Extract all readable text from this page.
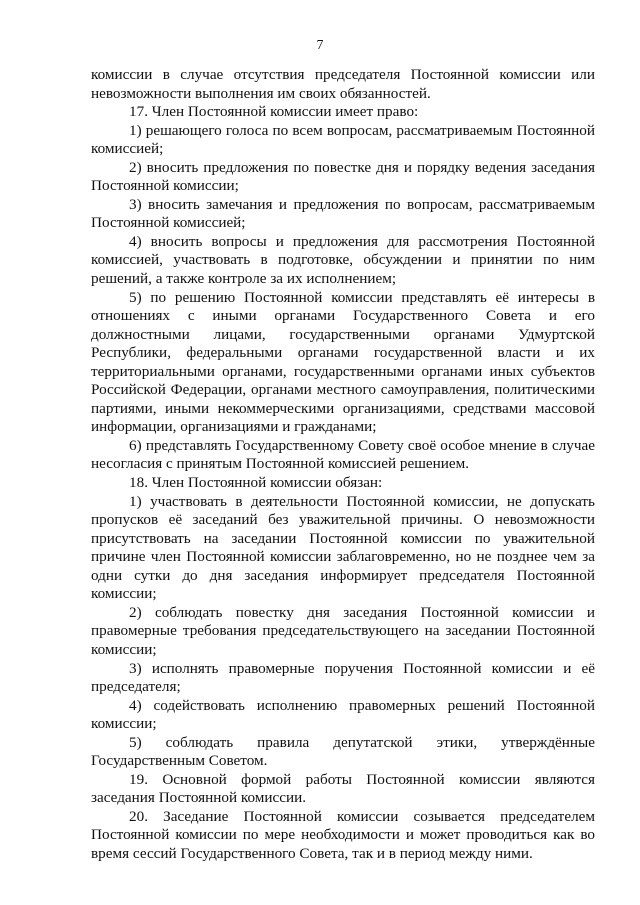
7

комиссии в случае отсутствия председателя Постоянной комиссии или невозможности выполнения им своих обязанностей.

17. Член Постоянной комиссии имеет право:

1) решающего голоса по всем вопросам, рассматриваемым Постоянной комиссией;

2) вносить предложения по повестке дня и порядку ведения заседания Постоянной комиссии;

3) вносить замечания и предложения по вопросам, рассматриваемым Постоянной комиссией;

4) вносить вопросы и предложения для рассмотрения Постоянной комиссией, участвовать в подготовке, обсуждении и принятии по ним решений, а также контроле за их исполнением;

5) по решению Постоянной комиссии представлять её интересы в отношениях с иными органами Государственного Совета и его должностными лицами, государственными органами Удмуртской Республики, федеральными органами государственной власти и их территориальными органами, государственными органами иных субъектов Российской Федерации, органами местного самоуправления, политическими партиями, иными некоммерческими организациями, средствами массовой информации, организациями и гражданами;

6) представлять Государственному Совету своё особое мнение в случае несогласия с принятым Постоянной комиссией решением.

18. Член Постоянной комиссии обязан:

1) участвовать в деятельности Постоянной комиссии, не допускать пропусков её заседаний без уважительной причины. О невозможности присутствовать на заседании Постоянной комиссии по уважительной причине член Постоянной комиссии заблаговременно, но не позднее чем за одни сутки до дня заседания информирует председателя Постоянной комиссии;

2) соблюдать повестку дня заседания Постоянной комиссии и правомерные требования председательствующего на заседании Постоянной комиссии;

3) исполнять правомерные поручения Постоянной комиссии и её председателя;

4) содействовать исполнению правомерных решений Постоянной комиссии;

5) соблюдать правила депутатской этики, утверждённые Государственным Советом.

19. Основной формой работы Постоянной комиссии являются заседания Постоянной комиссии.

20. Заседание Постоянной комиссии созывается председателем Постоянной комиссии по мере необходимости и может проводиться как во время сессий Государственного Совета, так и в период между ними.
